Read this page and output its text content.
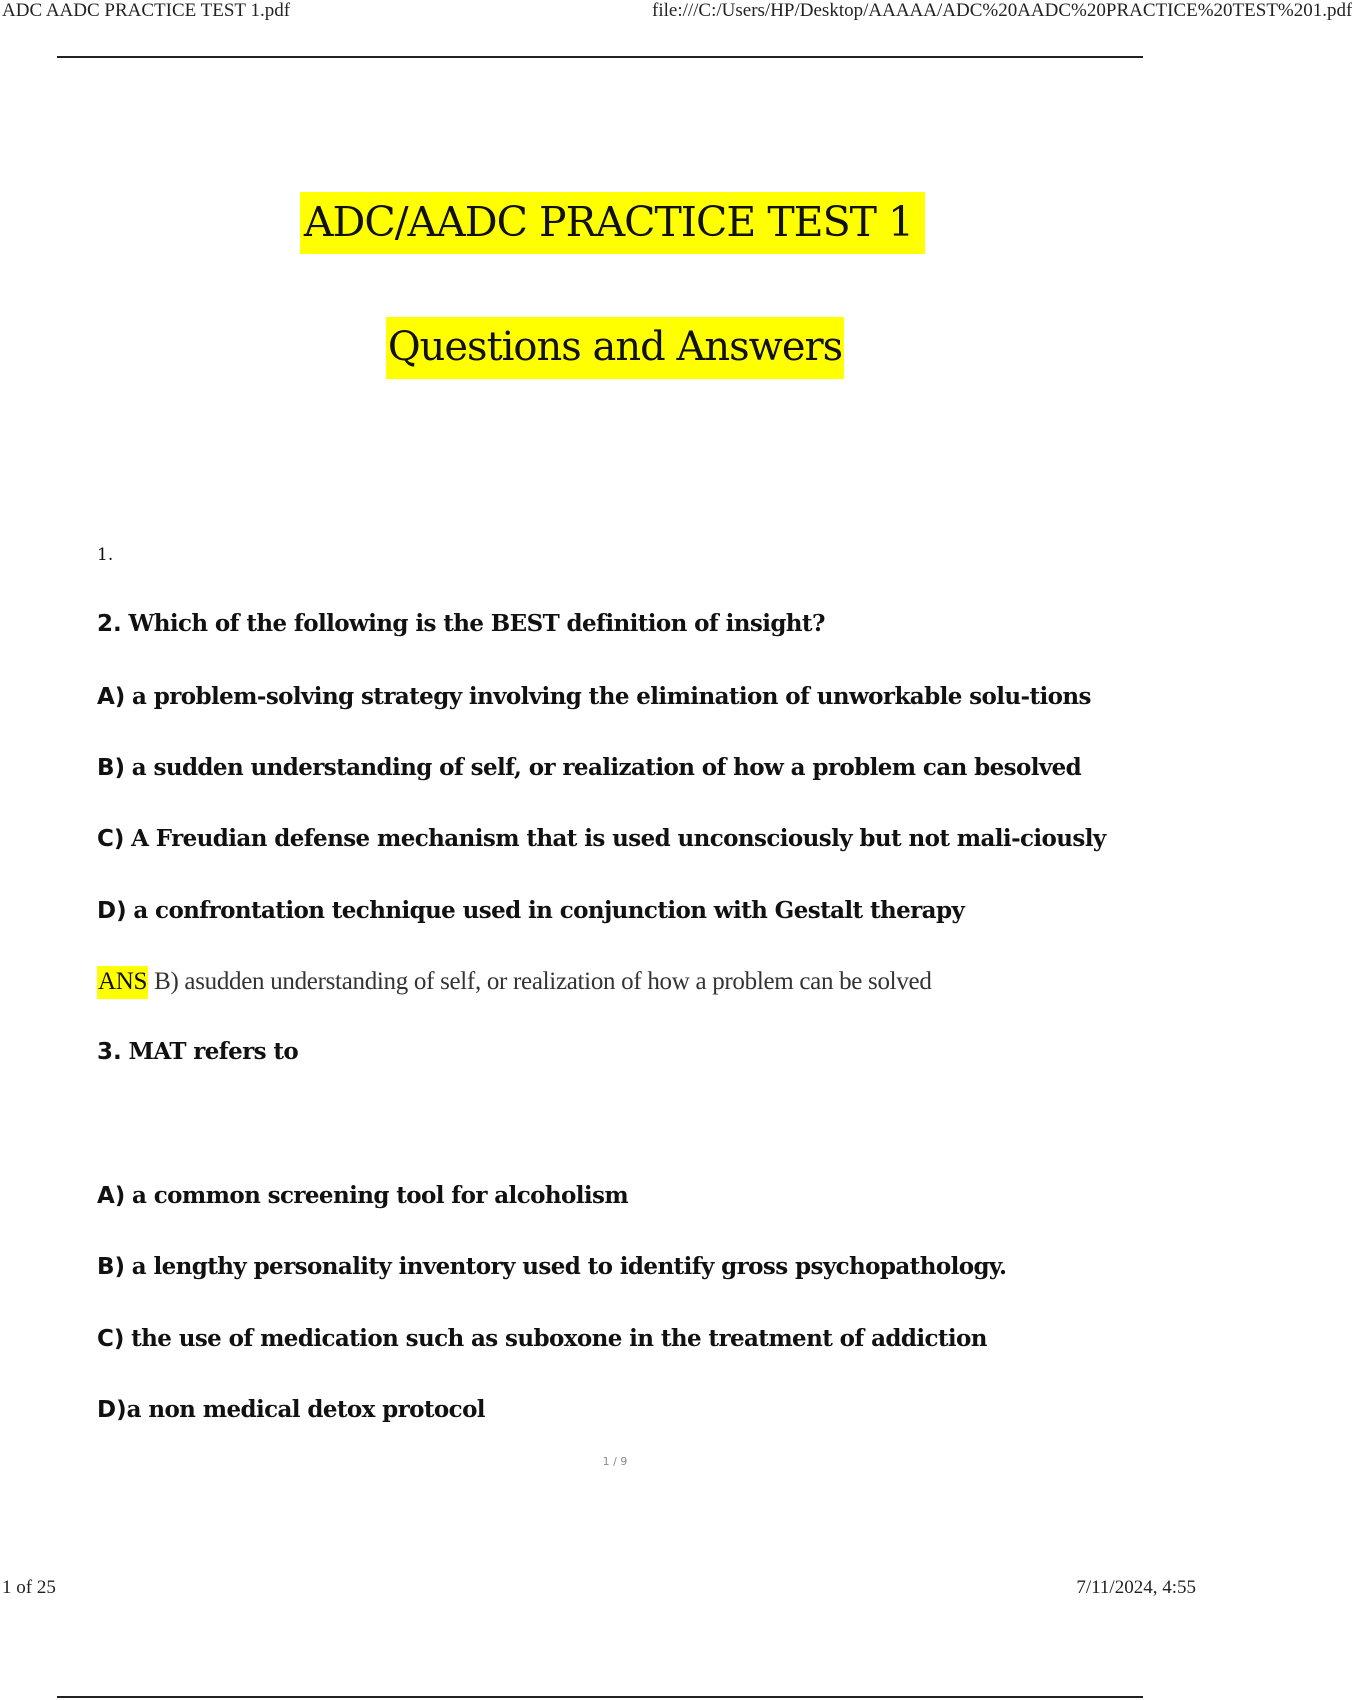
ADC AADC PRACTICE TEST 1.pdf	file:///C:/Users/HP/Desktop/AAAAA/ADC%20AADC%20PRACTICE%20TEST%201.pdf
ADC/AADC PRACTICE TEST 1
Questions and Answers
1.
2. Which of the following is the BEST definition of insight?
A) a problem-solving strategy involving the elimination of unworkable solu-tions
B) a sudden understanding of self, or realization of how a problem can besolved
C) A Freudian defense mechanism that is used unconsciously but not mali-ciously
D) a confrontation technique used in conjunction with Gestalt therapy
ANS B) asudden understanding of self, or realization of how a problem can be solved
3. MAT refers to
A) a common screening tool for alcoholism
B) a lengthy personality inventory used to identify gross psychopathology.
C) the use of medication such as suboxone in the treatment of addiction
D)a non medical detox protocol
1 / 9
1 of 25	7/11/2024, 4:55
